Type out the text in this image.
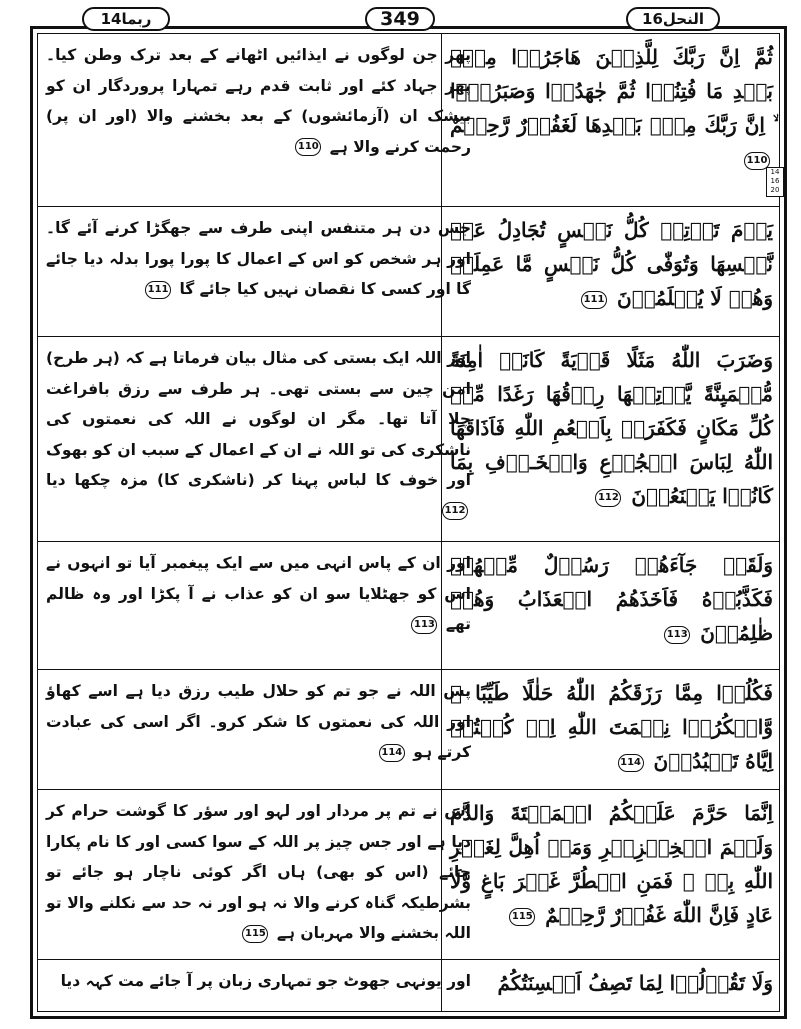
ربما14	349	النحل16
14 16 20
ثُمَّ اِنَّ رَبَّكَ لِلَّذِيۡنَ هَاجَرُوۡا مِنۡۢ بَعۡدِ مَا فُتِنُوۡا ثُمَّ جٰهَدُوۡا وَصَبَرُوۡۤا ۙ اِنَّ رَبَّكَ مِنۡۢ بَعۡدِهَا لَغَفُوۡرٌ رَّحِيۡمٌ 110
پھر جن لوگوں نے ایذائیں اٹھانے کے بعد ترک وطن کیا۔ پھر جہاد کئے اور ثابت قدم رہے تمہارا پروردگار ان کو بیشک ان (آزمائشوں) کے بعد بخشنے والا (اور ان پر) رحمت کرنے والا ہے 110
يَوۡمَ تَاۡتِىۡ كُلُّ نَفۡسٍ تُجَادِلُ عَنۡ نَّفۡسِهَا وَتُوَفّٰى كُلُّ نَفۡسٍ مَّا عَمِلَتۡ وَهُمۡ لَا يُظۡلَمُوۡنَ 111
جس دن ہر متنفس اپنی طرف سے جھگڑا کرنے آئے گا۔ اور ہر شخص کو اس کے اعمال کا پورا پورا بدلہ دیا جائے گا اور کسی کا نقصان نہیں کیا جائے گا 111
وَضَرَبَ اللّٰهُ مَثَلًا قَرۡيَةً كَانَتۡ اٰمِنَةً مُّطۡمَٮِٕنَّةً يَّاۡتِيۡهَا رِزۡقُهَا رَغَدًا مِّنۡ كُلِّ مَكَانٍ فَكَفَرَتۡ بِاَنۡعُمِ اللّٰهِ فَاَذَاقَهَا اللّٰهُ لِبَاسَ الۡجُوۡعِ وَالۡخَـوۡفِ بِمَا كَانُوۡا يَصۡنَعُوۡنَ 112
اور اللہ ایک بستی کی مثال بیان فرماتا ہے کہ (ہر طرح) امن چین سے بستی تھی۔ ہر طرف سے رزق بافراغت چلا آتا تھا۔ مگر ان لوگوں نے اللہ کی نعمتوں کی ناشکری کی تو اللہ نے ان کے اعمال کے سبب ان کو بھوک اور خوف کا لباس پہنا کر (ناشکری کا) مزہ چکھا دیا 112
وَلَقَدۡ جَآءَهُمۡ رَسُوۡلٌ مِّنۡهُمۡ فَكَذَّبُوۡهُ فَاَخَذَهُمُ الۡعَذَابُ وَهُمۡ ظٰلِمُوۡنَ 113
اور ان کے پاس انہی میں سے ایک پیغمبر آیا تو انہوں نے اس کو جھٹلایا سو ان کو عذاب نے آ پکڑا اور وہ ظالم تھے 113
فَكُلُوۡا مِمَّا رَزَقَكُمُ اللّٰهُ حَلٰلًا طَيِّبًا ۖ وَّاشۡكُرُوۡا نِعۡمَتَ اللّٰهِ اِنۡ كُنۡتُمۡ اِيَّاهُ تَعۡبُدُوۡنَ 114
پس اللہ نے جو تم کو حلال طیب رزق دیا ہے اسے کھاؤ اور اللہ کی نعمتوں کا شکر کرو۔ اگر اسی کی عبادت کرتے ہو 114
اِنَّمَا حَرَّمَ عَلَيۡكُمُ الۡمَيۡتَةَ وَالدَّمَ وَلَحۡمَ الۡخِنۡزِيۡرِ وَمَاۤ اُهِلَّ لِغَيۡرِ اللّٰهِ بِهٖ ۚ فَمَنِ اضۡطُرَّ غَيۡرَ بَاغٍ وَّلَا عَادٍ فَاِنَّ اللّٰهَ غَفُوۡرٌ رَّحِيۡمٌ 115
اس نے تم پر مردار اور لہو اور سؤر کا گوشت حرام کر دیا ہے اور جس چیز پر اللہ کے سوا کسی اور کا نام پکارا جائے (اس کو بھی) ہاں اگر کوئی ناچار ہو جائے تو بشرطیکہ گناہ کرنے والا نہ ہو اور نہ حد سے نکلنے والا تو اللہ بخشنے والا مہربان ہے 115
وَلَا تَقُوۡلُوۡا لِمَا تَصِفُ اَلۡسِنَتُكُمُ
اور یونہی جھوٹ جو تمہاری زبان پر آ جائے مت کہہ دیا
